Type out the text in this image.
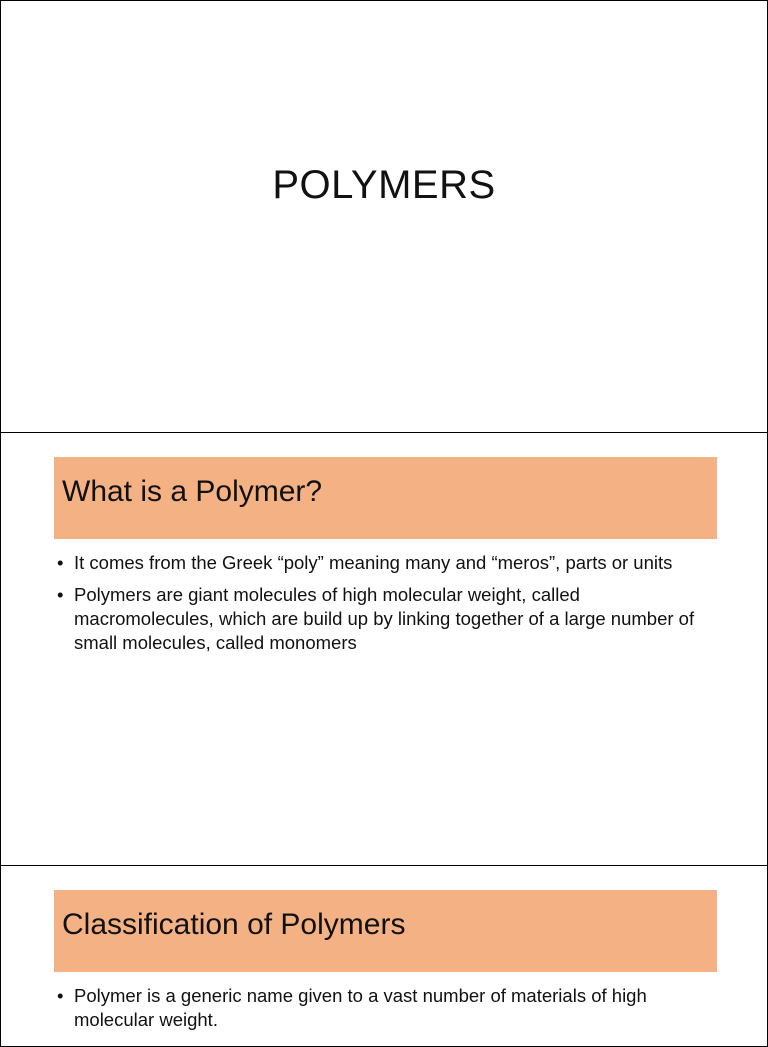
POLYMERS
What is a Polymer?
• It comes from the Greek “poly” meaning many and “meros”, parts or units
• Polymers are giant molecules of high molecular weight, called macromolecules, which are build up by linking together of a large number of small molecules, called monomers
Classification of Polymers
• Polymer is a generic name given to a vast number of materials of high molecular weight.
